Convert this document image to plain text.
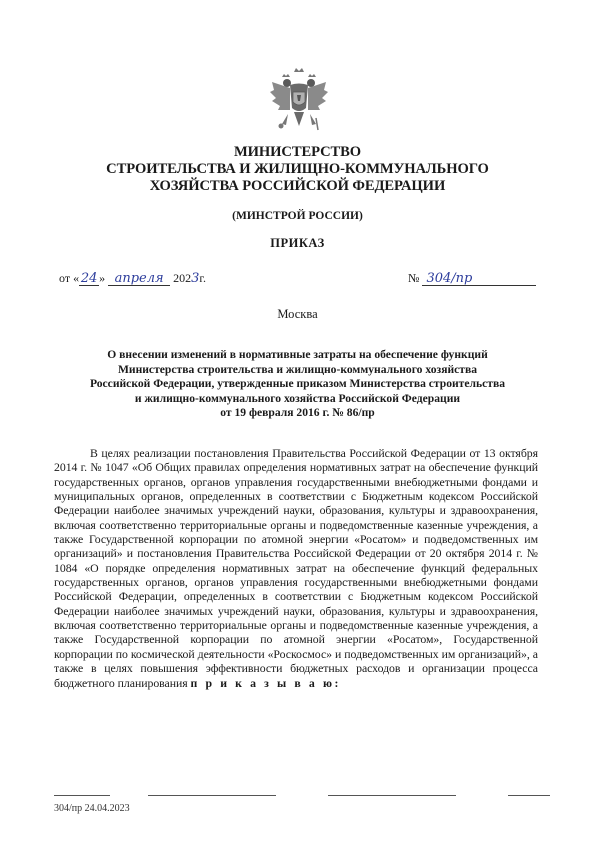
МИНИСТЕРСТВО
СТРОИТЕЛЬСТВА И ЖИЛИЩНО-КОММУНАЛЬНОГО
ХОЗЯЙСТВА РОССИЙСКОЙ ФЕДЕРАЦИИ
(МИНСТРОЙ РОССИИ)
ПРИКАЗ
от « 24 » апреля 2023г.	№ 304/пр
Москва
О внесении изменений в нормативные затраты на обеспечение функций
Министерства строительства и жилищно-коммунального хозяйства
Российской Федерации, утвержденные приказом Министерства строительства
и жилищно-коммунального хозяйства Российской Федерации
от 19 февраля 2016 г. № 86/пр

В целях реализации постановления Правительства Российской Федерации от 13 октября 2014 г. № 1047 «Об Общих правилах определения нормативных затрат на обеспечение функций государственных органов, органов управления государственными внебюджетными фондами и муниципальных органов, определенных в соответствии с Бюджетным кодексом Российской Федерации наиболее значимых учреждений науки, образования, культуры и здравоохранения, включая соответственно территориальные органы и подведомственные казенные учреждения, а также Государственной корпорации по атомной энергии «Росатом» и подведомственных им организаций» и постановления Правительства Российской Федерации от 20 октября 2014 г. № 1084 «О порядке определения нормативных затрат на обеспечение функций федеральных государственных органов, органов управления государственными внебюджетными фондами Российской Федерации, определенных в соответствии с Бюджетным кодексом Российской Федерации наиболее значимых учреждений науки, образования, культуры и здравоохранения, включая соответственно территориальные органы и подведомственные казенные учреждения, а также Государственной корпорации по атомной энергии «Росатом», Государственной корпорации по космической деятельности «Роскосмос» и подведомственных им организаций», а также в целях повышения эффективности бюджетных расходов и организации процесса бюджетного планирования п р и к а з ы в а ю:

304/пр 24.04.2023
